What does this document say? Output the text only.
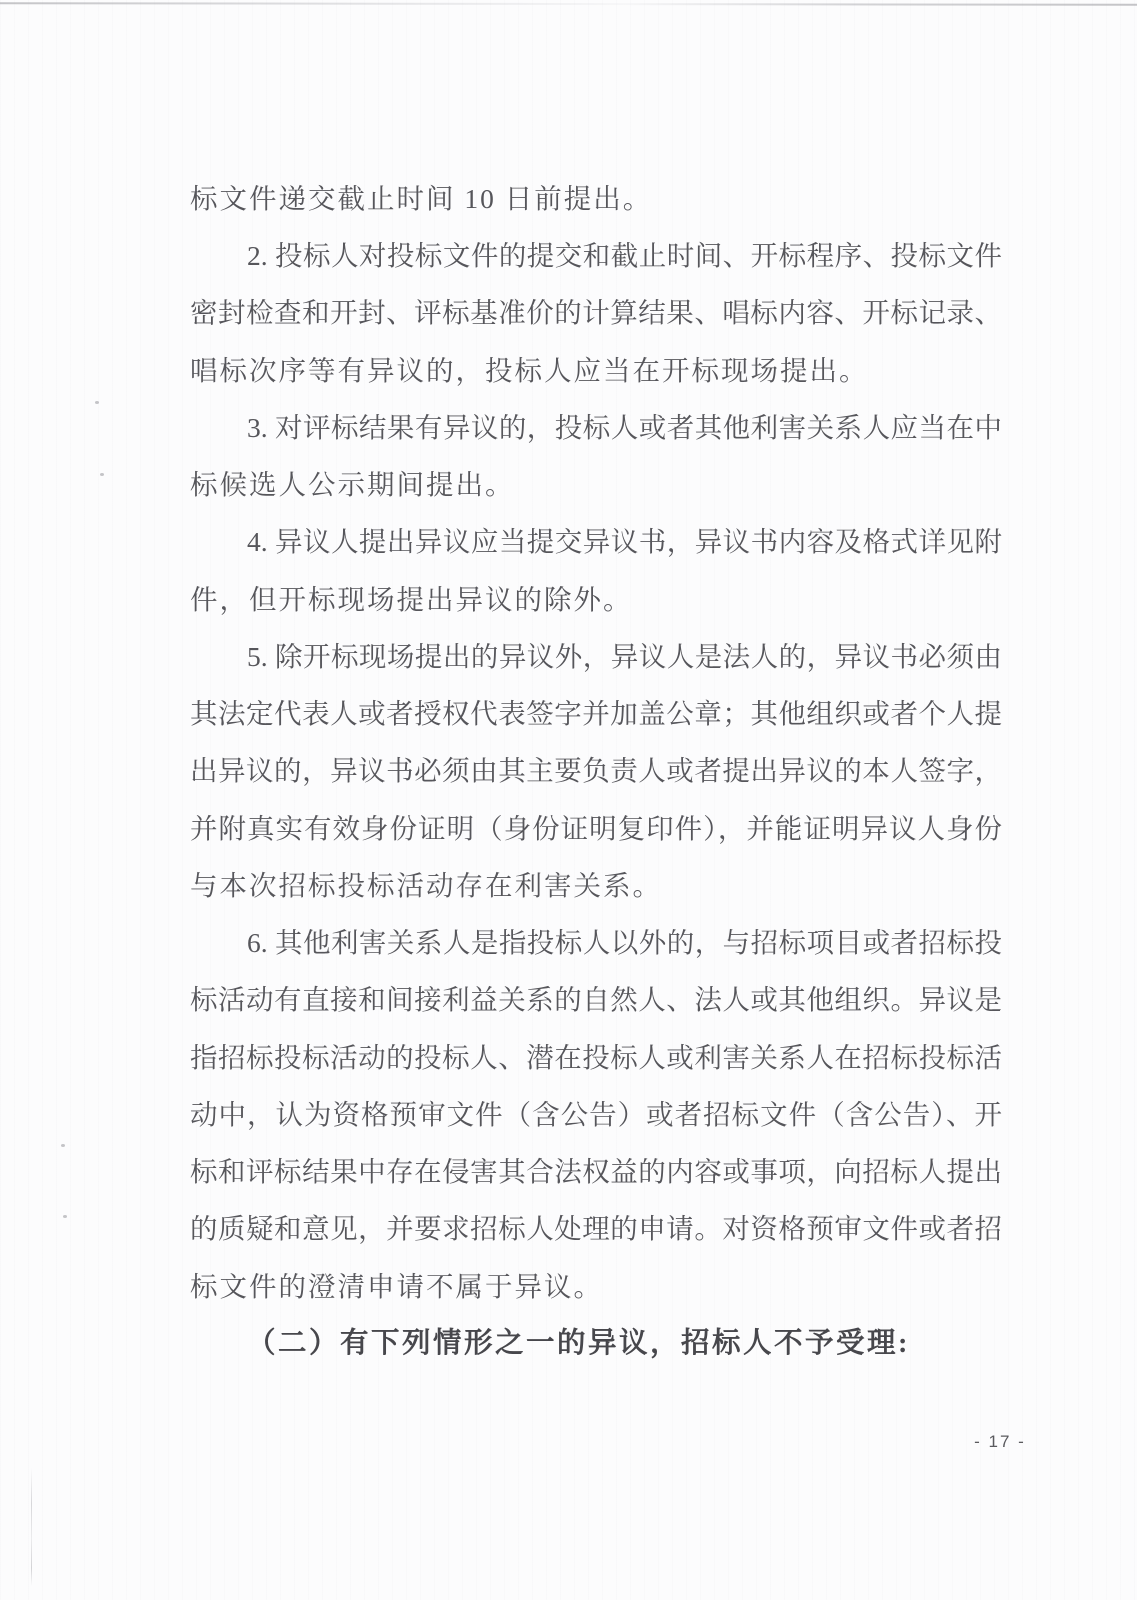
标文件递交截止时间 10 日前提出。
2. 投标人对投标文件的提交和截止时间、开标程序、投标文件
密封检查和开封、评标基准价的计算结果、唱标内容、开标记录、
唱标次序等有异议的，投标人应当在开标现场提出。
3. 对评标结果有异议的，投标人或者其他利害关系人应当在中
标候选人公示期间提出。
4. 异议人提出异议应当提交异议书，异议书内容及格式详见附
件，但开标现场提出异议的除外。
5. 除开标现场提出的异议外，异议人是法人的，异议书必须由
其法定代表人或者授权代表签字并加盖公章；其他组织或者个人提
出异议的，异议书必须由其主要负责人或者提出异议的本人签字，
并附真实有效身份证明（身份证明复印件），并能证明异议人身份
与本次招标投标活动存在利害关系。
6. 其他利害关系人是指投标人以外的，与招标项目或者招标投
标活动有直接和间接利益关系的自然人、法人或其他组织。异议是
指招标投标活动的投标人、潜在投标人或利害关系人在招标投标活
动中，认为资格预审文件（含公告）或者招标文件（含公告）、开
标和评标结果中存在侵害其合法权益的内容或事项，向招标人提出
的质疑和意见，并要求招标人处理的申请。对资格预审文件或者招
标文件的澄清申请不属于异议。
（二）有下列情形之一的异议，招标人不予受理:
- 17 -
